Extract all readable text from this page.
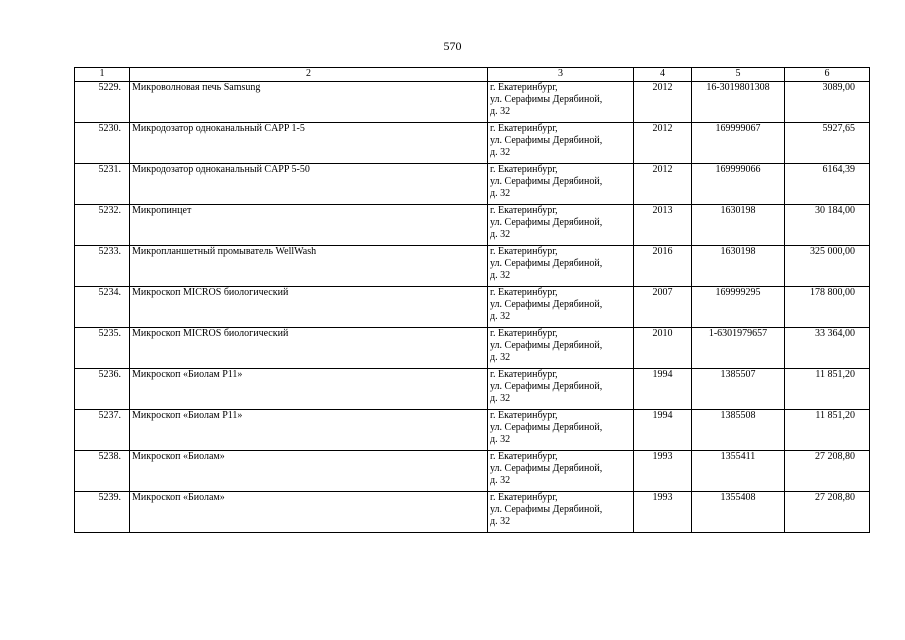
570
1	2	3	4	5	6
5229.	Микроволновая печь Samsung	г. Екатеринбург,
ул. Серафимы Дерябиной,
д. 32	2012	16-3019801308	3089,00
5230.	Микродозатор одноканальный CAPP 1-5	г. Екатеринбург,
ул. Серафимы Дерябиной,
д. 32	2012	169999067	5927,65
5231.	Микродозатор одноканальный CAPP 5-50	г. Екатеринбург,
ул. Серафимы Дерябиной,
д. 32	2012	169999066	6164,39
5232.	Микропинцет	г. Екатеринбург,
ул. Серафимы Дерябиной,
д. 32	2013	1630198	30 184,00
5233.	Микропланшетный промыватель WellWash	г. Екатеринбург,
ул. Серафимы Дерябиной,
д. 32	2016	1630198	325 000,00
5234.	Микроскоп MICROS биологический	г. Екатеринбург,
ул. Серафимы Дерябиной,
д. 32	2007	169999295	178 800,00
5235.	Микроскоп MICROS биологический	г. Екатеринбург,
ул. Серафимы Дерябиной,
д. 32	2010	1-6301979657	33 364,00
5236.	Микроскоп «Биолам Р11»	г. Екатеринбург,
ул. Серафимы Дерябиной,
д. 32	1994	1385507	11 851,20
5237.	Микроскоп «Биолам Р11»	г. Екатеринбург,
ул. Серафимы Дерябиной,
д. 32	1994	1385508	11 851,20
5238.	Микроскоп «Биолам»	г. Екатеринбург,
ул. Серафимы Дерябиной,
д. 32	1993	1355411	27 208,80
5239.	Микроскоп «Биолам»	г. Екатеринбург,
ул. Серафимы Дерябиной,
д. 32	1993	1355408	27 208,80
